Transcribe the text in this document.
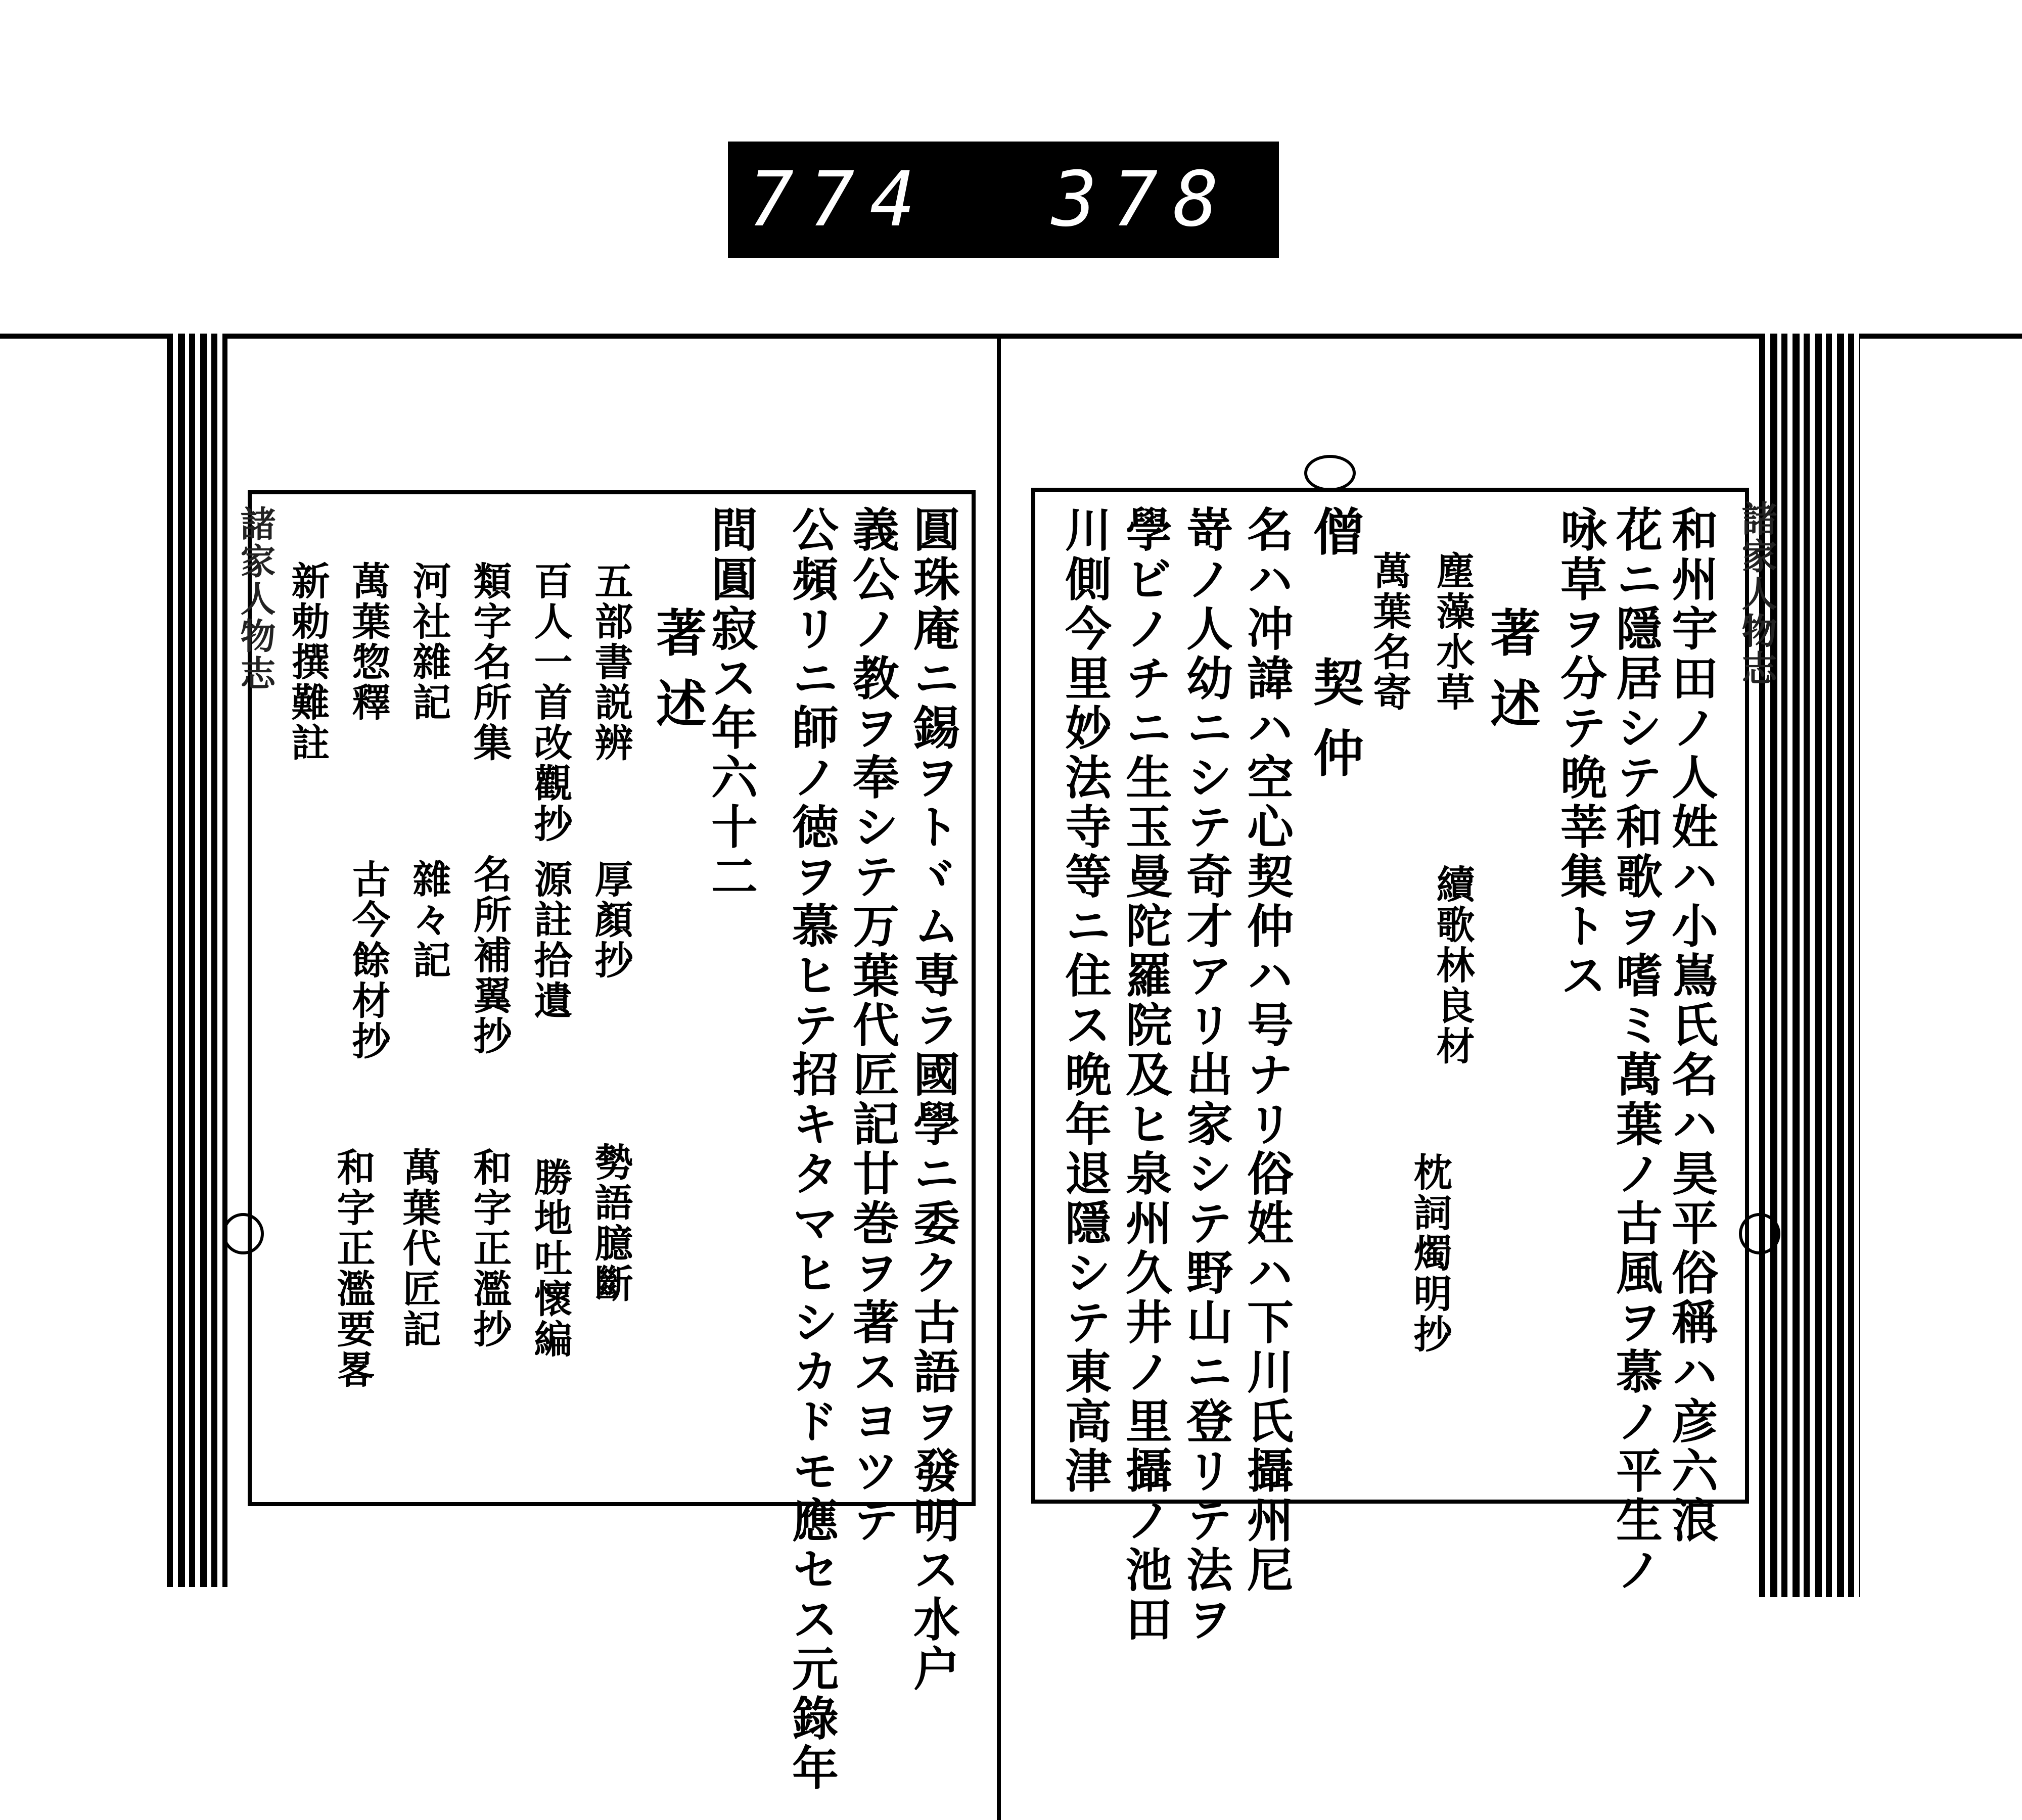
774 378
諸家人物志
和州宇田ノ人姓ハ小嶌氏名ハ昊平俗稱ハ彦六浪
花ニ隱居シテ和歌ヲ嗜ミ萬葉ノ古風ヲ慕ノ平生ノ
咏草ヲ分テ晩莘集トス
著述
塵藻水草
續歌林良材
萬葉名寄
枕詞燭明抄
僧 契仲
名ハ冲諱ハ空心契仲ハ号ナリ俗姓ハ下川氏攝州尼
嵜ノ人幼ニシテ奇才アリ出家シテ野山ニ登リテ法ヲ
學ビノチニ生玉曼陀羅院及ヒ泉州久井ノ里攝ノ池田
川側今里妙法寺等ニ住ス晩年退隱シテ東高津
圓珠庵ニ錫ヲトヾム専ラ國學ニ委ク古語ヲ發明ス水户
義公ノ教ヲ奉シテ万葉代匠記廿巻ヲ著スヨツテ
公頻リニ師ノ徳ヲ慕ヒテ招キタマヒシカドモ應セス元錄年
間圓寂ス年六十二
著述
五部書説辨
厚顏抄
勢語臆斷
百人一首改觀抄
源註拾遺
勝地吐懷編
類字名所集
名所補翼抄
和字正濫抄
河社雜記
雜々記
萬葉代匠記
萬葉惣釋
古今餘材抄
和字正濫要畧
新勅撰難註
諸家人物志
